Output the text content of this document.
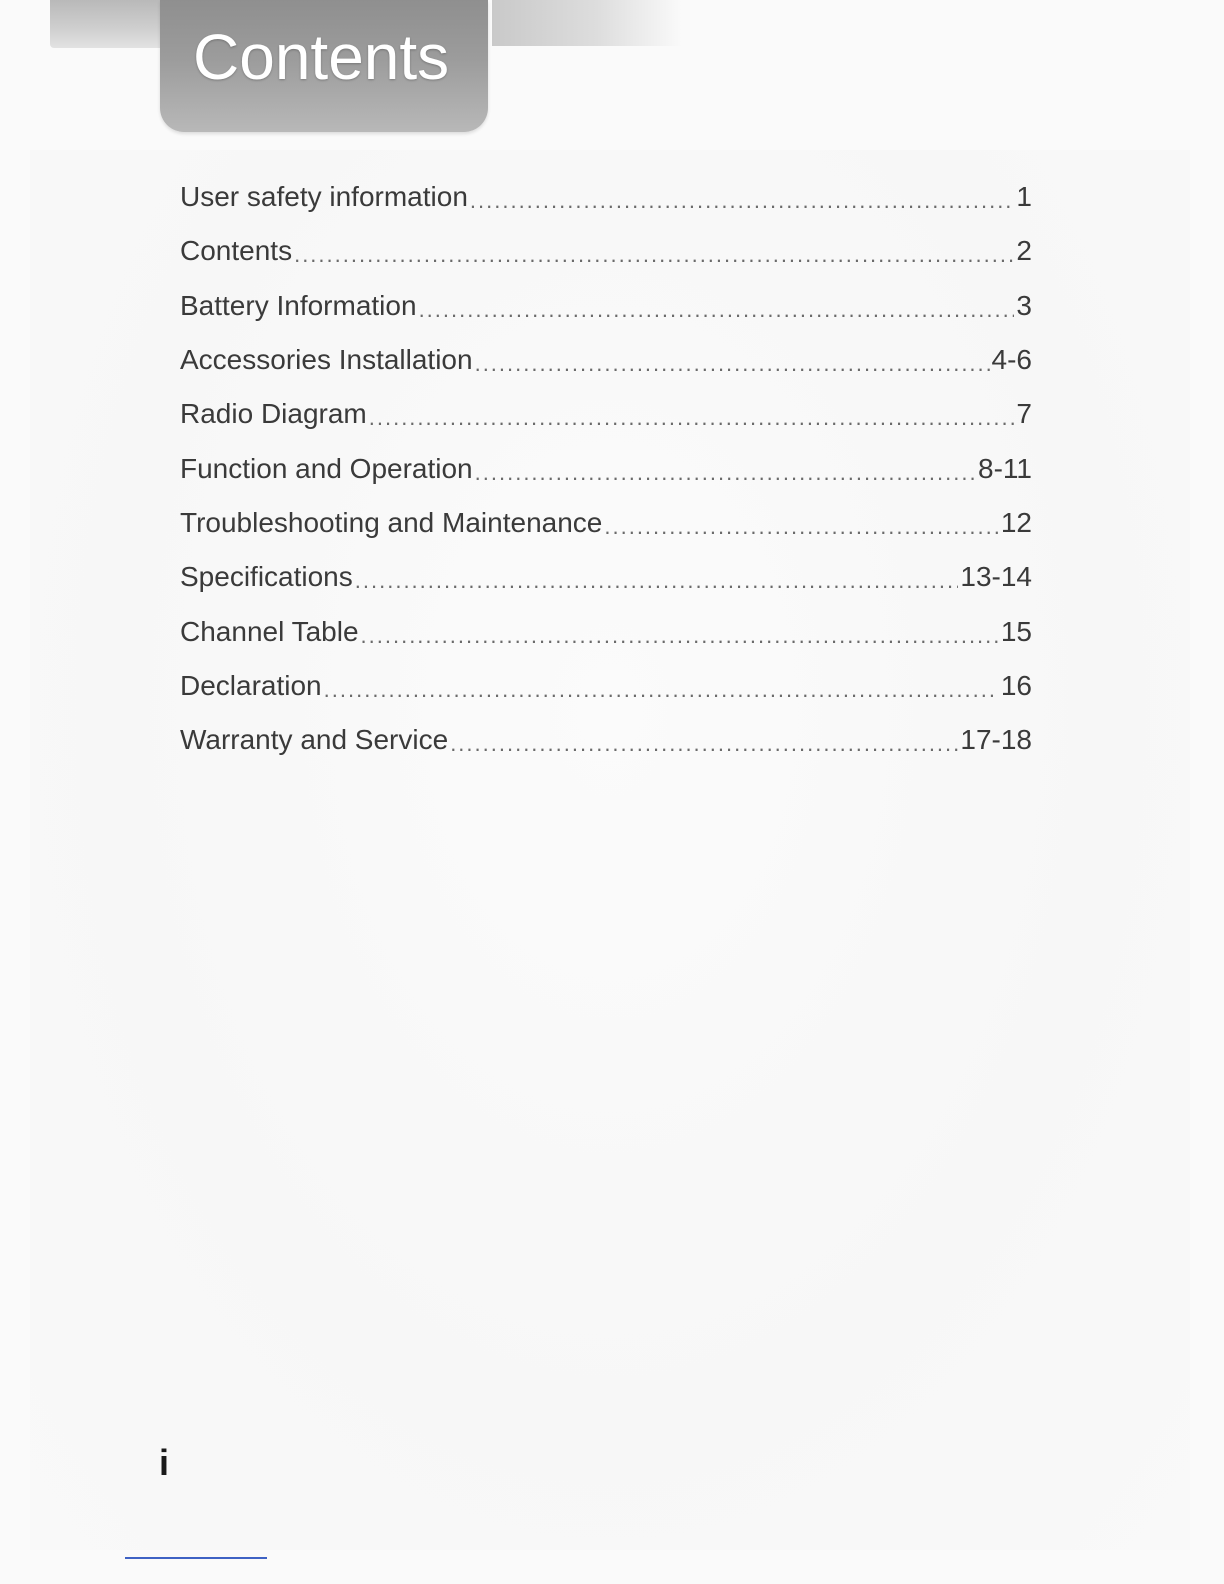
Contents
User safety information .....	1
Contents .....	2
Battery Information .....	3
Accessories Installation .....	4-6
Radio Diagram .....	7
Function and Operation .....	8-11
Troubleshooting and Maintenance .....	12
Specifications .....	13-14
Channel Table .....	15
Declaration .....	16
Warranty and Service .....	17-18
i
